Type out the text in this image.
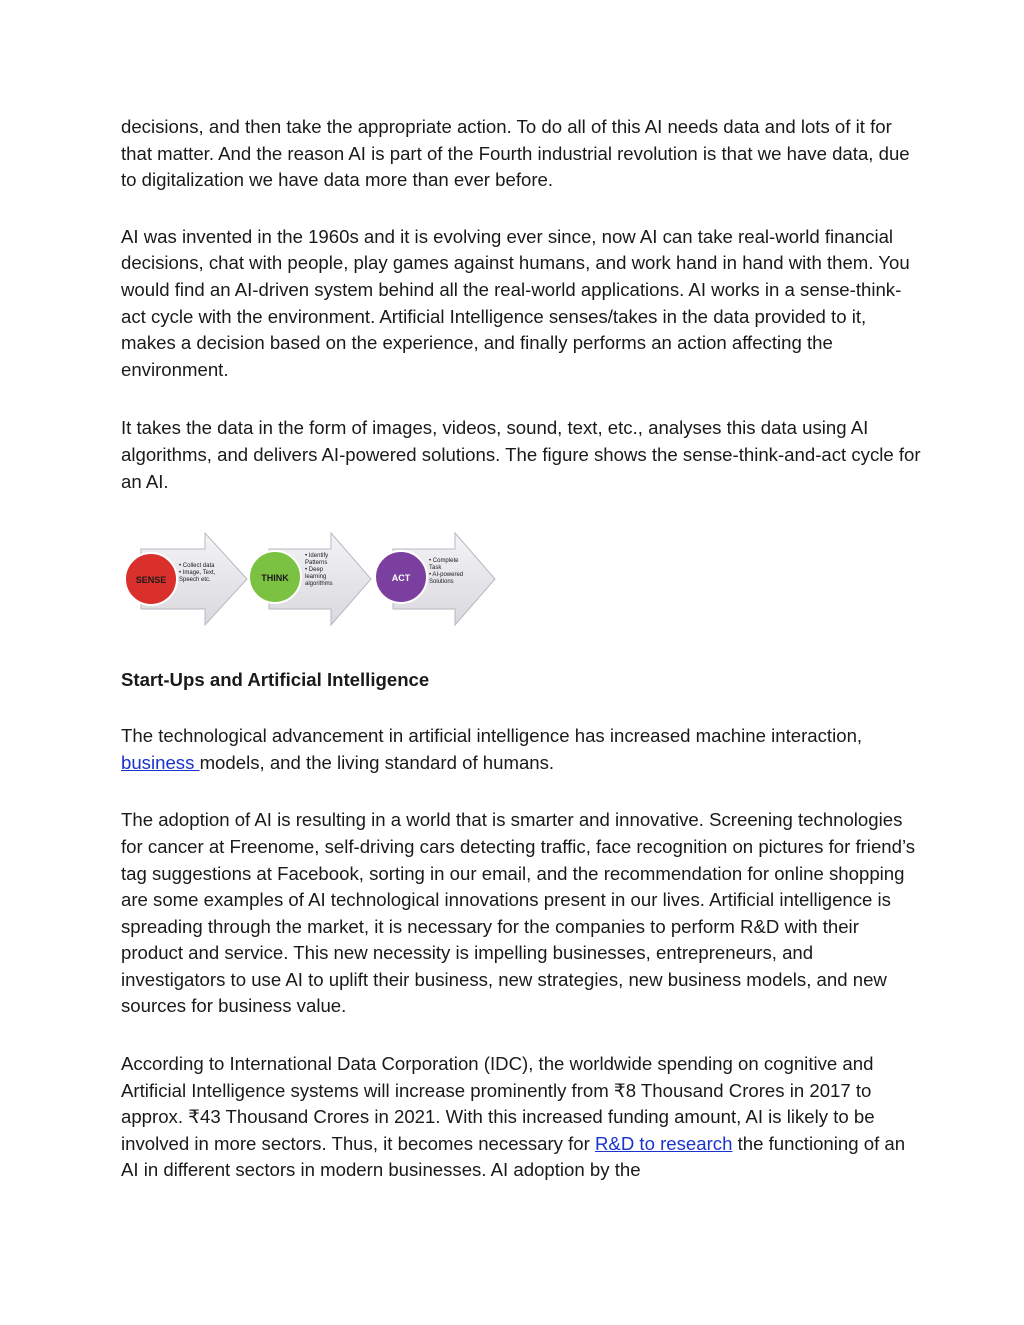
decisions, and then take the appropriate action. To do all of this AI needs data and lots of it for that matter. And the reason AI is part of the Fourth industrial revolution is that we have data, due to digitalization we have data more than ever before.

AI was invented in the 1960s and it is evolving ever since, now AI can take real-world financial decisions, chat with people, play games against humans, and work hand in hand with them. You would find an AI-driven system behind all the real-world applications. AI works in a sense-think-act cycle with the environment. Artificial Intelligence senses/takes in the data provided to it, makes a decision based on the experience, and finally performs an action affecting the environment.

It takes the data in the form of images, videos, sound, text, etc., analyses this data using AI algorithms, and delivers AI-powered solutions. The figure shows the sense-think-and-act cycle for an AI.

SENSE
• Collect data • Image, Text, Speech etc.	THINK
• Identify Patterns • Deep learning algorithms
ACT
• Complete Task • AI-powered Solutions
Start-Ups and Artificial Intelligence

The technological advancement in artificial intelligence has increased machine interaction, business models, and the living standard of humans.

The adoption of AI is resulting in a world that is smarter and innovative. Screening technologies for cancer at Freenome, self-driving cars detecting traffic, face recognition on pictures for friend’s tag suggestions at Facebook, sorting in our email, and the recommendation for online shopping are some examples of AI technological innovations present in our lives. Artificial intelligence is spreading through the market, it is necessary for the companies to perform R&D with their product and service. This new necessity is impelling businesses, entrepreneurs, and investigators to use AI to uplift their business, new strategies, new business models, and new sources for business value.

According to International Data Corporation (IDC), the worldwide spending on cognitive and Artificial Intelligence systems will increase prominently from ₹8 Thousand Crores in 2017 to approx. ₹43 Thousand Crores in 2021. With this increased funding amount, AI is likely to be involved in more sectors. Thus, it becomes necessary for R&D to research the functioning of an AI in different sectors in modern businesses. AI adoption by the
